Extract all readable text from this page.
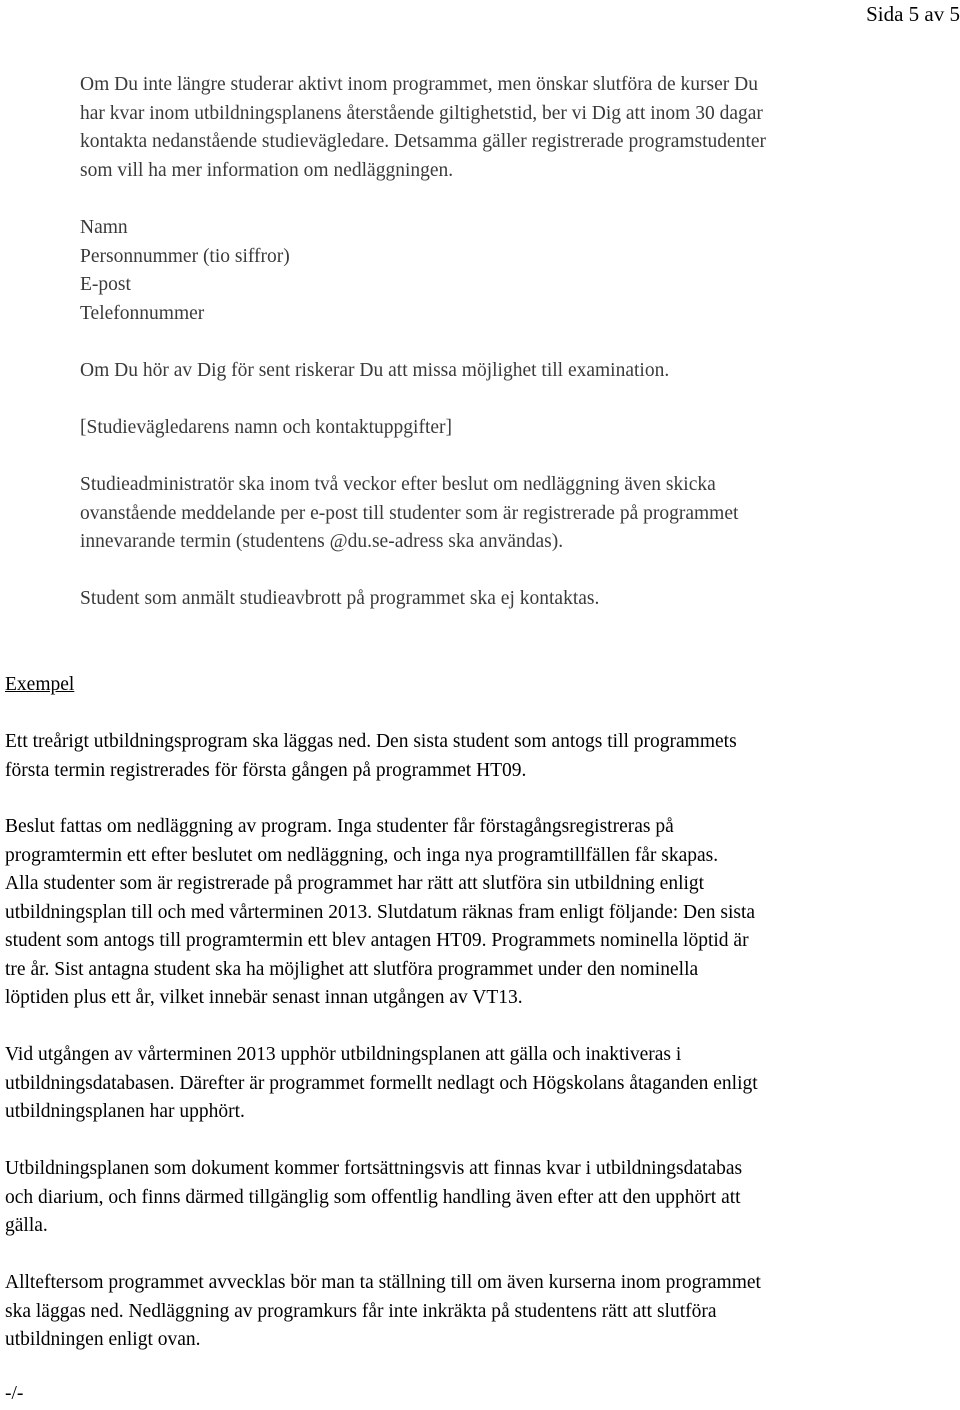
Sida 5 av 5

Om Du inte längre studerar aktivt inom programmet, men önskar slutföra de kurser Du
har kvar inom utbildningsplanens återstående giltighetstid, ber vi Dig att inom 30 dagar
kontakta nedanstående studievägledare. Detsamma gäller registrerade programstudenter
som vill ha mer information om nedläggningen.

Namn
Personnummer (tio siffror)
E-post
Telefonnummer

Om Du hör av Dig för sent riskerar Du att missa möjlighet till examination.

[Studievägledarens namn och kontaktuppgifter]

Studieadministratör ska inom två veckor efter beslut om nedläggning även skicka
ovanstående meddelande per e-post till studenter som är registrerade på programmet
innevarande termin (studentens @du.se-adress ska användas).

Student som anmält studieavbrott på programmet ska ej kontaktas.

Exempel

Ett treårigt utbildningsprogram ska läggas ned. Den sista student som antogs till programmets
första termin registrerades för första gången på programmet HT09.

Beslut fattas om nedläggning av program. Inga studenter får förstagångsregistreras på
programtermin ett efter beslutet om nedläggning, och inga nya programtillfällen får skapas.
Alla studenter som är registrerade på programmet har rätt att slutföra sin utbildning enligt
utbildningsplan till och med vårterminen 2013. Slutdatum räknas fram enligt följande: Den sista
student som antogs till programtermin ett blev antagen HT09. Programmets nominella löptid är
tre år. Sist antagna student ska ha möjlighet att slutföra programmet under den nominella
löptiden plus ett år, vilket innebär senast innan utgången av VT13.

Vid utgången av vårterminen 2013 upphör utbildningsplanen att gälla och inaktiveras i
utbildningsdatabasen. Därefter är programmet formellt nedlagt och Högskolans åtaganden enligt
utbildningsplanen har upphört.

Utbildningsplanen som dokument kommer fortsättningsvis att finnas kvar i utbildningsdatabas
och diarium, och finns därmed tillgänglig som offentlig handling även efter att den upphört att
gälla.

Allteftersom programmet avvecklas bör man ta ställning till om även kurserna inom programmet
ska läggas ned. Nedläggning av programkurs får inte inkräkta på studentens rätt att slutföra
utbildningen enligt ovan.

-/-
